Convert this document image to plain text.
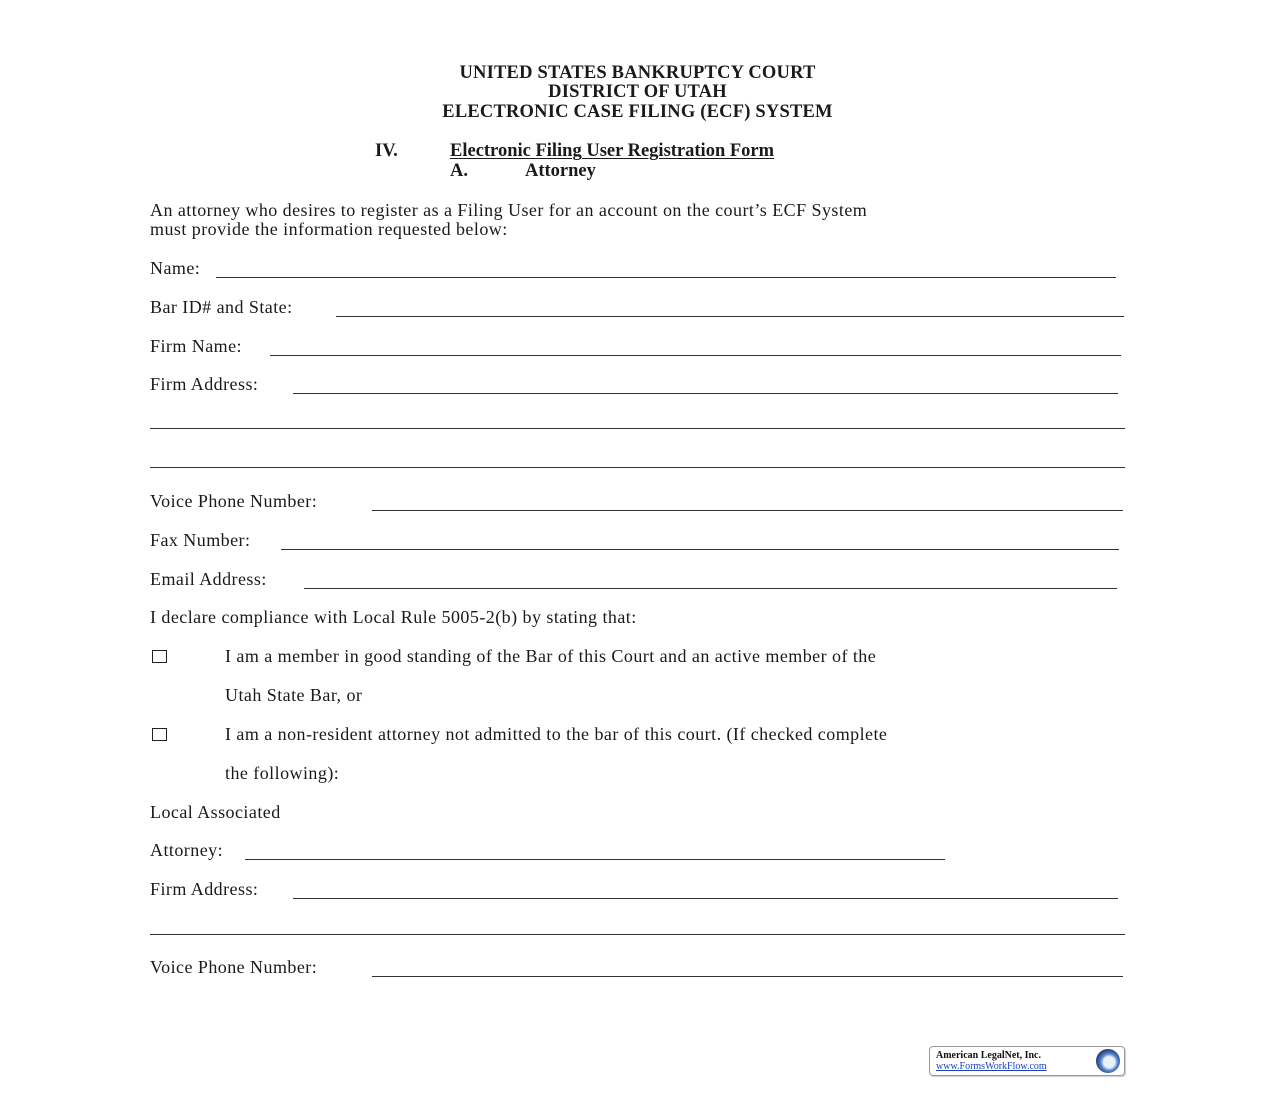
UNITED STATES BANKRUPTCY COURT
DISTRICT OF UTAH
ELECTRONIC CASE FILING (ECF) SYSTEM
IV.	Electronic Filing User Registration Form
A.	Attorney
An attorney who desires to register as a Filing User for an account on the court’s ECF System
must provide the information requested below:
Name:
Bar ID# and State:
Firm Name:
Firm Address:
Voice Phone Number:
Fax Number:
Email Address:
I declare compliance with Local Rule 5005-2(b) by stating that:
I am a member in good standing of the Bar of this Court and an active member of the
Utah State Bar, or
I am a non-resident attorney not admitted to the bar of this court. (If checked complete
the following):
Local Associated
Attorney:
Firm Address:
Voice Phone Number:
American LegalNet, Inc.
www.FormsWorkFlow.com
